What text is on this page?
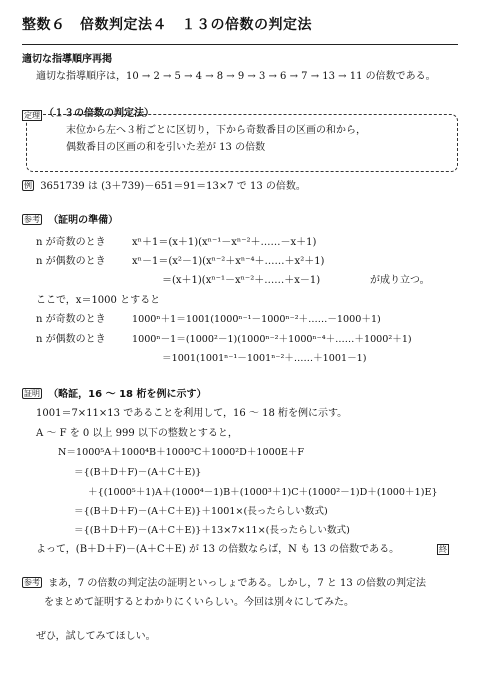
整数６　倍数判定法４　１３の倍数の判定法
適切な指導順序再掲
適切な指導順序は，10 → 2 → 5 → 4 → 8 → 9 → 3 → 6 → 7 → 13 → 11 の倍数である。
定理 （１３の倍数の判定法）
末位から左へ３桁ごとに区切り，下から奇数番目の区画の和から，
偶数番目の区画の和を引いた差が 13 の倍数
例 3651739 は (3＋739)－651＝91＝13×7 で 13 の倍数。
参考 （証明の準備）
n が奇数のとき	xⁿ＋1＝(x＋1)(xⁿ⁻¹－xⁿ⁻²＋……－x＋1)
n が偶数のとき	xⁿ－1＝(x²－1)(xⁿ⁻²＋xⁿ⁻⁴＋……＋x²＋1)
＝(x＋1)(xⁿ⁻¹－xⁿ⁻²＋……＋x－1)	が成り立つ。
ここで，x＝1000 とすると
n が奇数のとき	1000ⁿ＋1＝1001(1000ⁿ⁻¹－1000ⁿ⁻²＋……－1000＋1)
n が偶数のとき	1000ⁿ－1＝(1000²－1)(1000ⁿ⁻²＋1000ⁿ⁻⁴＋……＋1000²＋1)
＝1001(1001ⁿ⁻¹－1001ⁿ⁻²＋……＋1001－1)
証明 （略証，16 ～ 18 桁を例に示す）
1001＝7×11×13 であることを利用して，16 ～ 18 桁を例に示す。
A ～ F を 0 以上 999 以下の整数とすると，
N＝1000⁵A＋1000⁴B＋1000³C＋1000²D＋1000E＋F
＝{(B＋D＋F)－(A＋C＋E)}
＋{(1000⁵＋1)A＋(1000⁴－1)B＋(1000³＋1)C＋(1000²－1)D＋(1000＋1)E}
＝{(B＋D＋F)－(A＋C＋E)}＋1001×(長ったらしい数式)
＝{(B＋D＋F)－(A＋C＋E)}＋13×7×11×(長ったらしい数式)
よって，(B＋D＋F)－(A＋C＋E) が 13 の倍数ならば，N も 13 の倍数である。	終
参考 まあ，7 の倍数の判定法の証明といっしょである。しかし，7 と 13 の倍数の判定法
をまとめて証明するとわかりにくいらしい。今回は別々にしてみた。
ぜひ，試してみてほしい。
